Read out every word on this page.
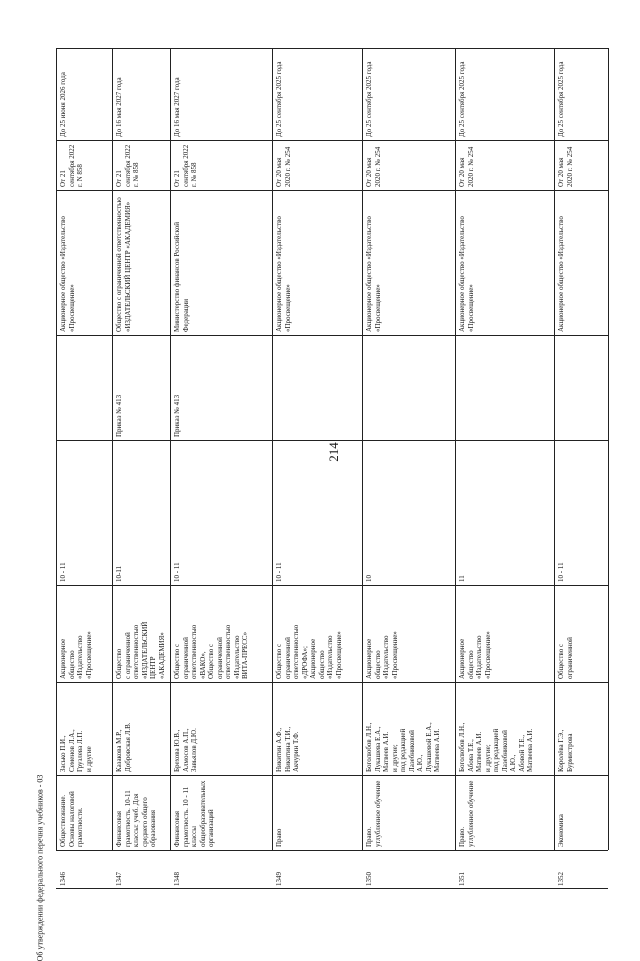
214
Об утверждении федерального перечня учебников - 03
До 25 июня 2026 года
От 21 сентября 2022 г. N 858
Акционерное общество «Издательство «Просвещение»
10 - 11
Акционерное
общество
«Издательство
«Просвещение»
Засько П.И.,
Семенов Л.А.,
Грузлева Л.П.
и другие
Обществознание. Основы налоговой грамотности.
1346
До 16 мая 2027 года
От 21 сентября 2022 г. № 858
Общество с ограниченной ответственностью «ИЗДАТЕЛЬСКИЙ ЦЕНТР «АКАДЕМИЯ»
Приказ № 413
10-11
Общество
с ограниченной
ответственностью
«ИЗДАТЕЛЬСКИЙ
ЦЕНТР
«АКАДЕМИЯ»
Казакова М.Р.,
Добровская Л.В.
Финансовая грамотность. 10-11 классы: учеб. Для среднего общего образования
1347
До 16 мая 2027 года
От 21 сентября 2022 г. № 858
Министерство финансов Российской Федерации
Приказ № 413
10 - 11
Общество с
ограниченной
ответственностью
«ВАКО»,
Общество с
ограниченной
ответственностью
«Издательство
ВИТА-ПРЕСС»
Брехова Ю.В.,
Алмосов А.П.,
Завьялов Д.Ю.
Финансовая грамотность. 10 - 11 классы общеобразовательных организаций
1348
До 25 сентября 2025 года
От 20 мая 2020 г. № 254
Акционерное общество «Издательство «Просвещение»
10 - 11
Общество с
ограниченной
ответственностью
«ДРОФА»;
Акционерное
общество
«Издательство
«Просвещение»
Никитин А.Ф.,
Никитина Т.И.,
Акчурин Т.Ф.
Право
1349
До 25 сентября 2025 года
От 20 мая 2020 г. № 254
Акционерное общество «Издательство «Просвещение»
10
Акционерное
общество
«Издательство
«Просвещение»
Боголюбов Л.Н.,
Лукашева Е.А.,
Матвеев А.И.
и другие;
под редакцией
Лазебниковой
А.Ю.,
Лукашевой Е.А.,
Матвеева А.И.
Право.
углубленное обучение
1350
До 25 сентября 2025 года
От 20 мая 2020 г. № 254
Акционерное общество «Издательство «Просвещение»
11
Акционерное
общество
«Издательство
«Просвещение»
Боголюбов Л.Н.,
Абова Т.Е.,
Матвеев А.И.
и другие;
под редакцией
Лазебниковой
А.Ю.,
Абовой Т.Е.,
Матвеева А.И.
Право.
углубленное обучение
1351
До 25 сентября 2025 года
От 20 мая 2020 г. № 254
Акционерное общество «Издательство
10 - 11
Общество с
ограниченной
Королёва Г.Э.,
Бурмистрова
Экономика
1352
